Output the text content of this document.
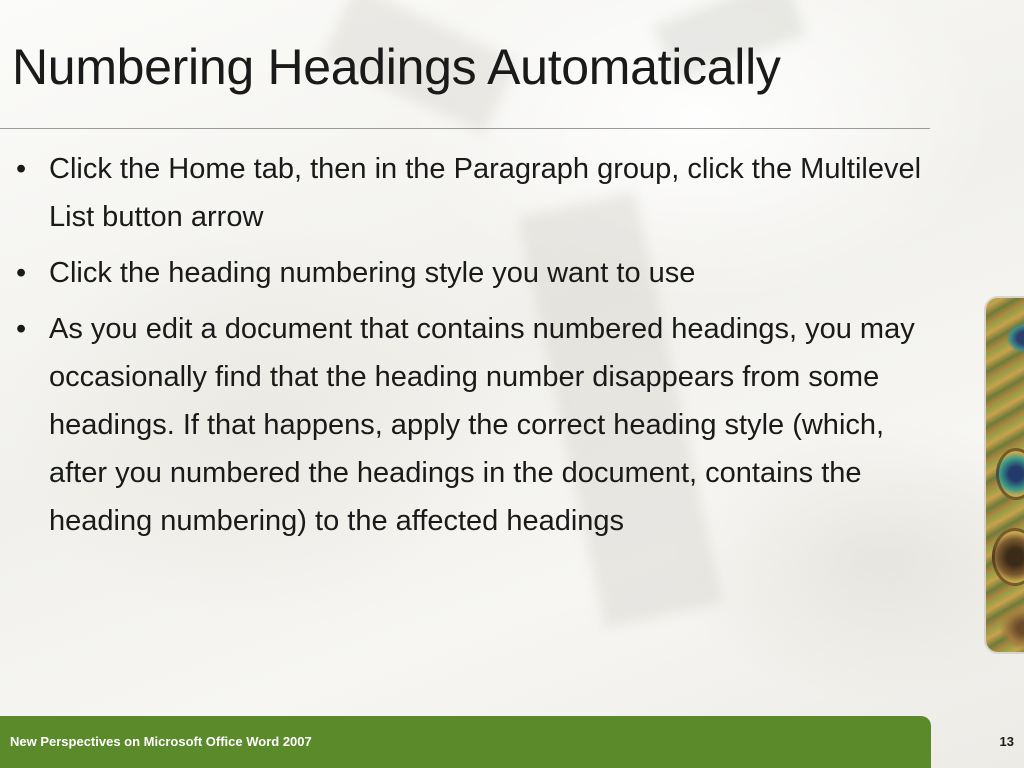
Numbering Headings Automatically
• Click the Home tab, then in the Paragraph group, click the Multilevel List button arrow
• Click the heading numbering style you want to use
• As you edit a document that contains numbered headings, you may occasionally find that the heading number disappears from some headings. If that happens, apply the correct heading style (which, after you numbered the headings in the document, contains the heading numbering) to the affected headings
New Perspectives on Microsoft Office Word 2007	13
